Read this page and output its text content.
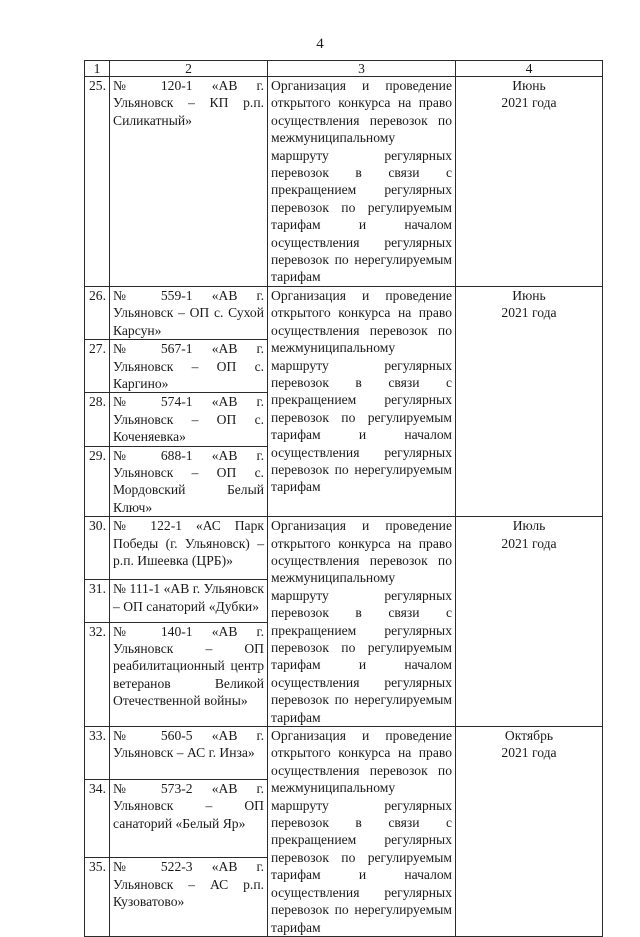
4
1	2	3	4
25.	№ 120-1 «АВ г. Ульяновск – КП р.п. Силикатный»	Организация и проведение открытого конкурса на право осуществления перевозок по межмуниципальному маршруту регулярных перевозок в связи с прекращением регулярных перевозок по регулируемым тарифам и началом осуществления регулярных перевозок по нерегулируемым тарифам	Июнь
2021 года

26.	№ 559-1 «АВ г. Ульяновск – ОП с. Сухой Карсун»	Организация и проведение открытого конкурса на право осуществления перевозок по межмуниципальному маршруту регулярных перевозок в связи с прекращением регулярных перевозок по регулируемым тарифам и началом осуществления регулярных перевозок по нерегулируемым тарифам	Июнь
2021 года

27.	№ 567-1 «АВ г. Ульяновск – ОП с. Каргино»		
28.	№ 574-1 «АВ г. Ульяновск – ОП с. Коченяевка»		
29.	№ 688-1 «АВ г. Ульяновск – ОП с. Мордовский Белый Ключ»		
30.	№ 122-1 «АС Парк Победы (г. Ульяновск) – р.п. Ишеевка (ЦРБ)»	Организация и проведение открытого конкурса на право осуществления перевозок по межмуниципальному маршруту регулярных перевозок в связи с прекращением регулярных перевозок по регулируемым тарифам и началом осуществления регулярных перевозок по нерегулируемым тарифам	Июль
2021 года

31.	№ 111-1 «АВ г. Ульяновск – ОП санаторий «Дубки»		
32.	№ 140-1 «АВ г. Ульяновск – ОП реабилитационный центр ветеранов Великой Отечественной войны»		
33.	№ 560-5 «АВ г. Ульяновск – АС г. Инза»	Организация и проведение открытого конкурса на право осуществления перевозок по межмуниципальному маршруту регулярных перевозок в связи с прекращением регулярных перевозок по регулируемым тарифам и началом осуществления регулярных перевозок по нерегулируемым тарифам	Октябрь
2021 года

34.	№ 573-2 «АВ г. Ульяновск – ОП санаторий «Белый Яр»		
35.	№ 522-3 «АВ г. Ульяновск – АС р.п. Кузоватово»		
